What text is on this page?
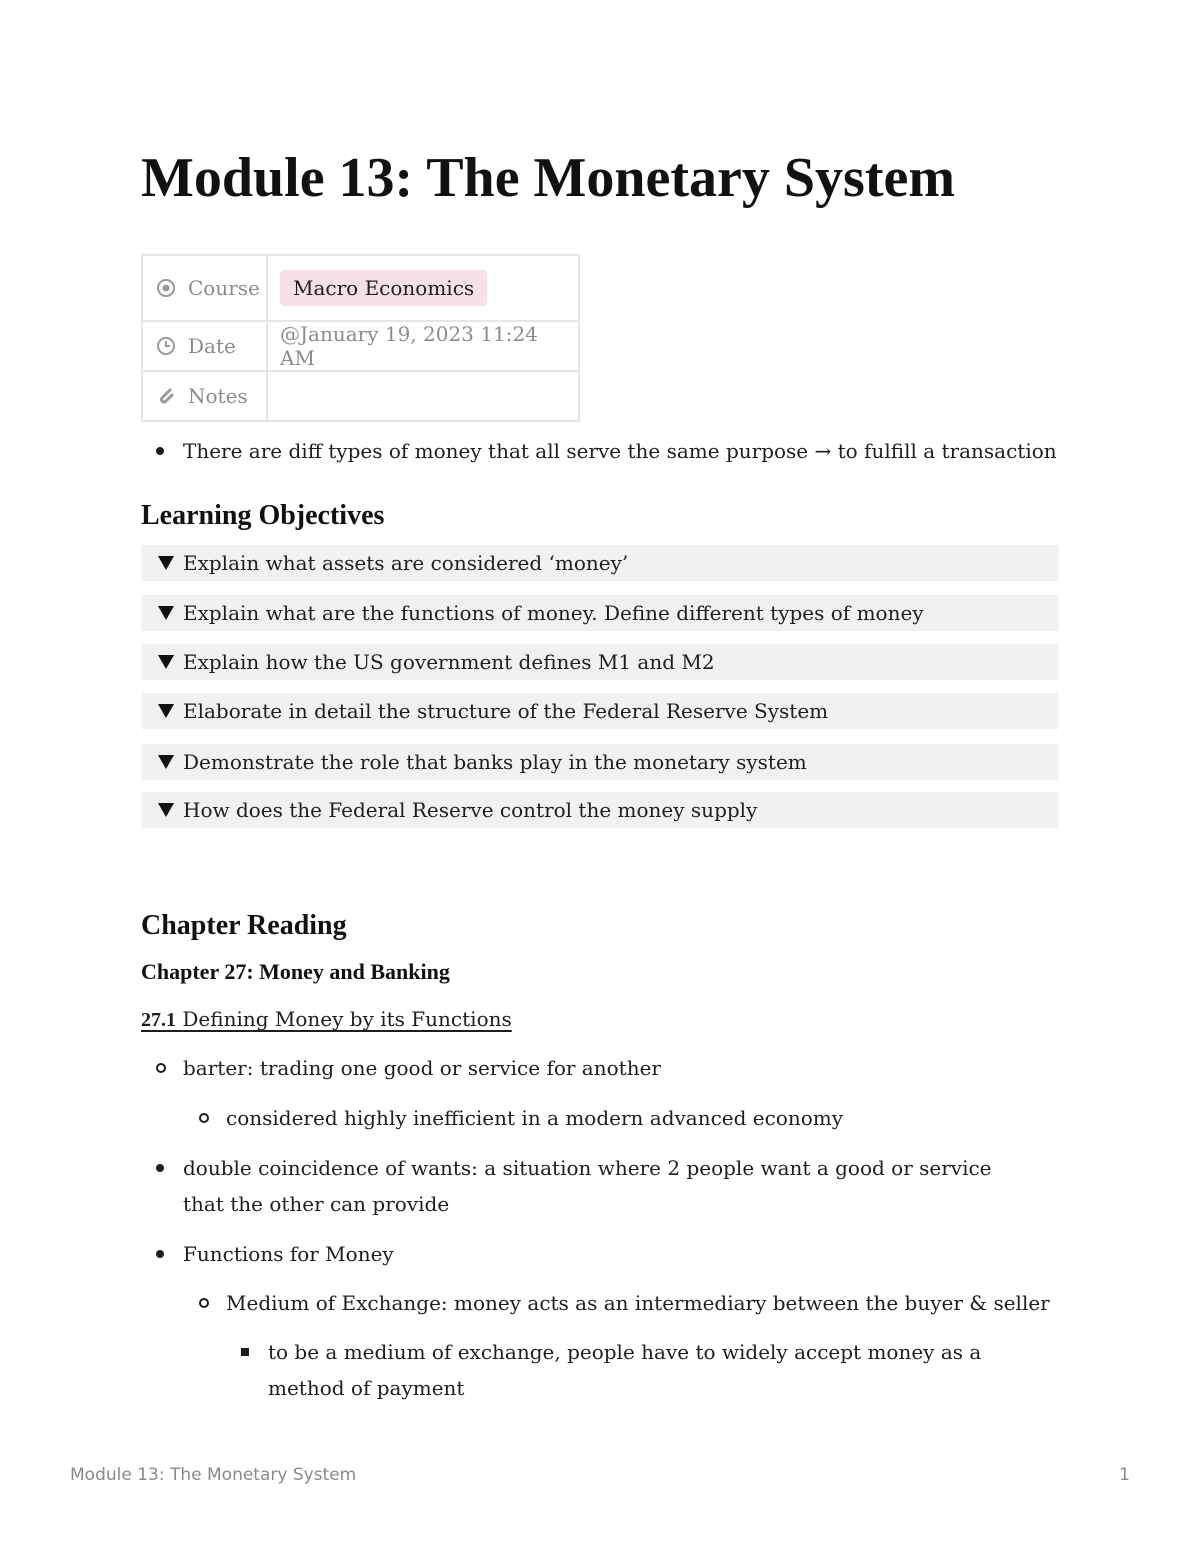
Module 13: The Monetary System
Course	Macro Economics

Date	@January 19, 2023 11:24 AM

Notes	

There are diff types of money that all serve the same purpose → to fulfill a transaction
Learning Objectives
Explain what assets are considered ‘money’
Explain what are the functions of money. Define different types of money
Explain how the US government defines M1 and M2
Elaborate in detail the structure of the Federal Reserve System
Demonstrate the role that banks play in the monetary system
How does the Federal Reserve control the money supply
Chapter Reading
Chapter 27: Money and Banking
27.1 Defining Money by its Functions
barter: trading one good or service for another
considered highly inefficient in a modern advanced economy
double coincidence of wants: a situation where 2 people want a good or service that the other can provide
Functions for Money
Medium of Exchange: money acts as an intermediary between the buyer & seller
to be a medium of exchange, people have to widely accept money as a method of payment
Module 13: The Monetary System	1
